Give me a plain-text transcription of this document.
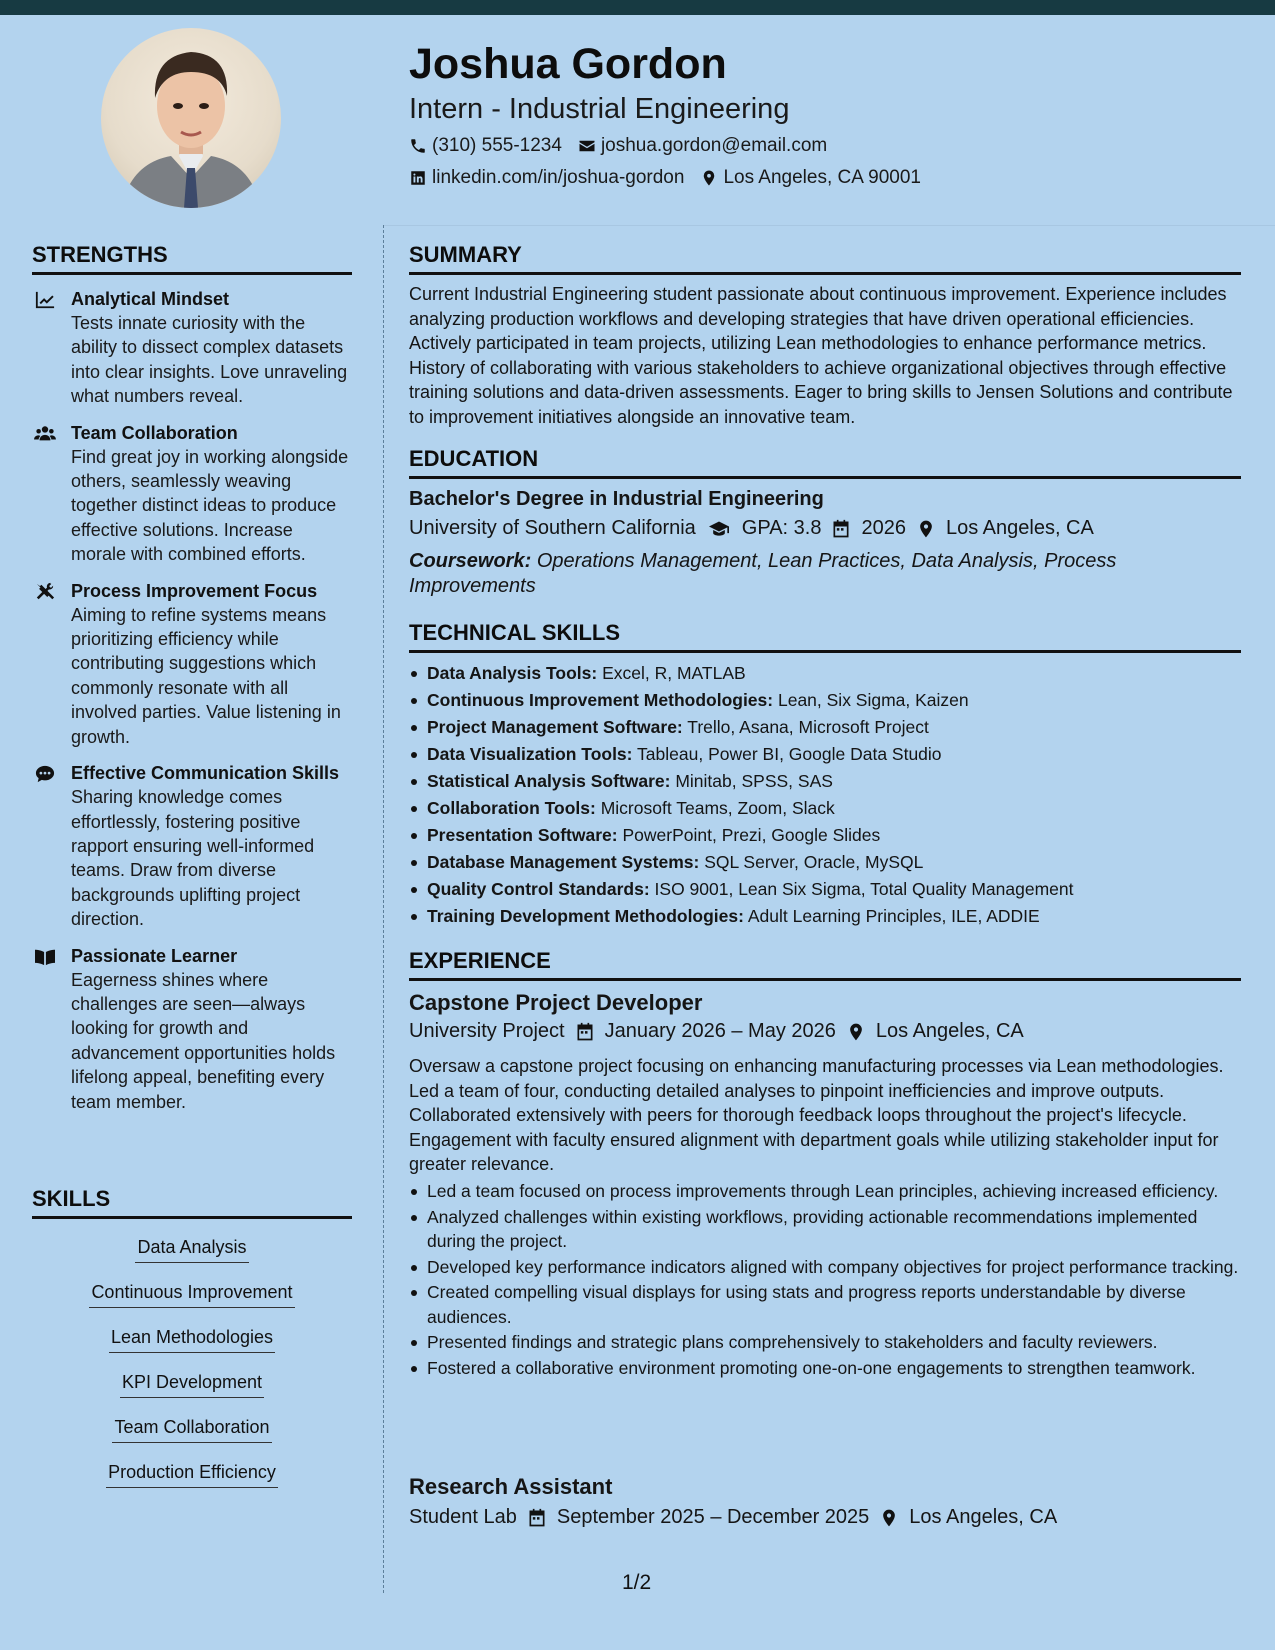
Joshua Gordon
Intern - Industrial Engineering
(310) 555-1234 joshua.gordon@email.com
linkedin.com/in/joshua-gordon Los Angeles, CA 90001
STRENGTHS
Analytical Mindset
Tests innate curiosity with the ability to dissect complex datasets into clear insights. Love unraveling what numbers reveal.
Team Collaboration
Find great joy in working alongside others, seamlessly weaving together distinct ideas to produce effective solutions. Increase morale with combined efforts.
Process Improvement Focus
Aiming to refine systems means prioritizing efficiency while contributing suggestions which commonly resonate with all involved parties. Value listening in growth.
Effective Communication Skills
Sharing knowledge comes effortlessly, fostering positive rapport ensuring well-informed teams. Draw from diverse backgrounds uplifting project direction.
Passionate Learner
Eagerness shines where challenges are seen—always looking for growth and advancement opportunities holds lifelong appeal, benefiting every team member.
SKILLS
Data Analysis
Continuous Improvement
Lean Methodologies
KPI Development
Team Collaboration
Production Efficiency
SUMMARY
Current Industrial Engineering student passionate about continuous improvement. Experience includes analyzing production workflows and developing strategies that have driven operational efficiencies. Actively participated in team projects, utilizing Lean methodologies to enhance performance metrics. History of collaborating with various stakeholders to achieve organizational objectives through effective training solutions and data-driven assessments. Eager to bring skills to Jensen Solutions and contribute to improvement initiatives alongside an innovative team.
EDUCATION
Bachelor's Degree in Industrial Engineering
University of Southern California GPA: 3.8 2026 Los Angeles, CA
Coursework: Operations Management, Lean Practices, Data Analysis, Process Improvements
TECHNICAL SKILLS
Data Analysis Tools: Excel, R, MATLAB
Continuous Improvement Methodologies: Lean, Six Sigma, Kaizen
Project Management Software: Trello, Asana, Microsoft Project
Data Visualization Tools: Tableau, Power BI, Google Data Studio
Statistical Analysis Software: Minitab, SPSS, SAS
Collaboration Tools: Microsoft Teams, Zoom, Slack
Presentation Software: PowerPoint, Prezi, Google Slides
Database Management Systems: SQL Server, Oracle, MySQL
Quality Control Standards: ISO 9001, Lean Six Sigma, Total Quality Management
Training Development Methodologies: Adult Learning Principles, ILE, ADDIE
EXPERIENCE
Capstone Project Developer
University Project January 2026 – May 2026 Los Angeles, CA
Oversaw a capstone project focusing on enhancing manufacturing processes via Lean methodologies. Led a team of four, conducting detailed analyses to pinpoint inefficiencies and improve outputs. Collaborated extensively with peers for thorough feedback loops throughout the project's lifecycle. Engagement with faculty ensured alignment with department goals while utilizing stakeholder input for greater relevance.
Led a team focused on process improvements through Lean principles, achieving increased efficiency.
Analyzed challenges within existing workflows, providing actionable recommendations implemented during the project.
Developed key performance indicators aligned with company objectives for project performance tracking.
Created compelling visual displays for using stats and progress reports understandable by diverse audiences.
Presented findings and strategic plans comprehensively to stakeholders and faculty reviewers.
Fostered a collaborative environment promoting one-on-one engagements to strengthen teamwork.
Research Assistant
Student Lab September 2025 – December 2025 Los Angeles, CA
1/2
